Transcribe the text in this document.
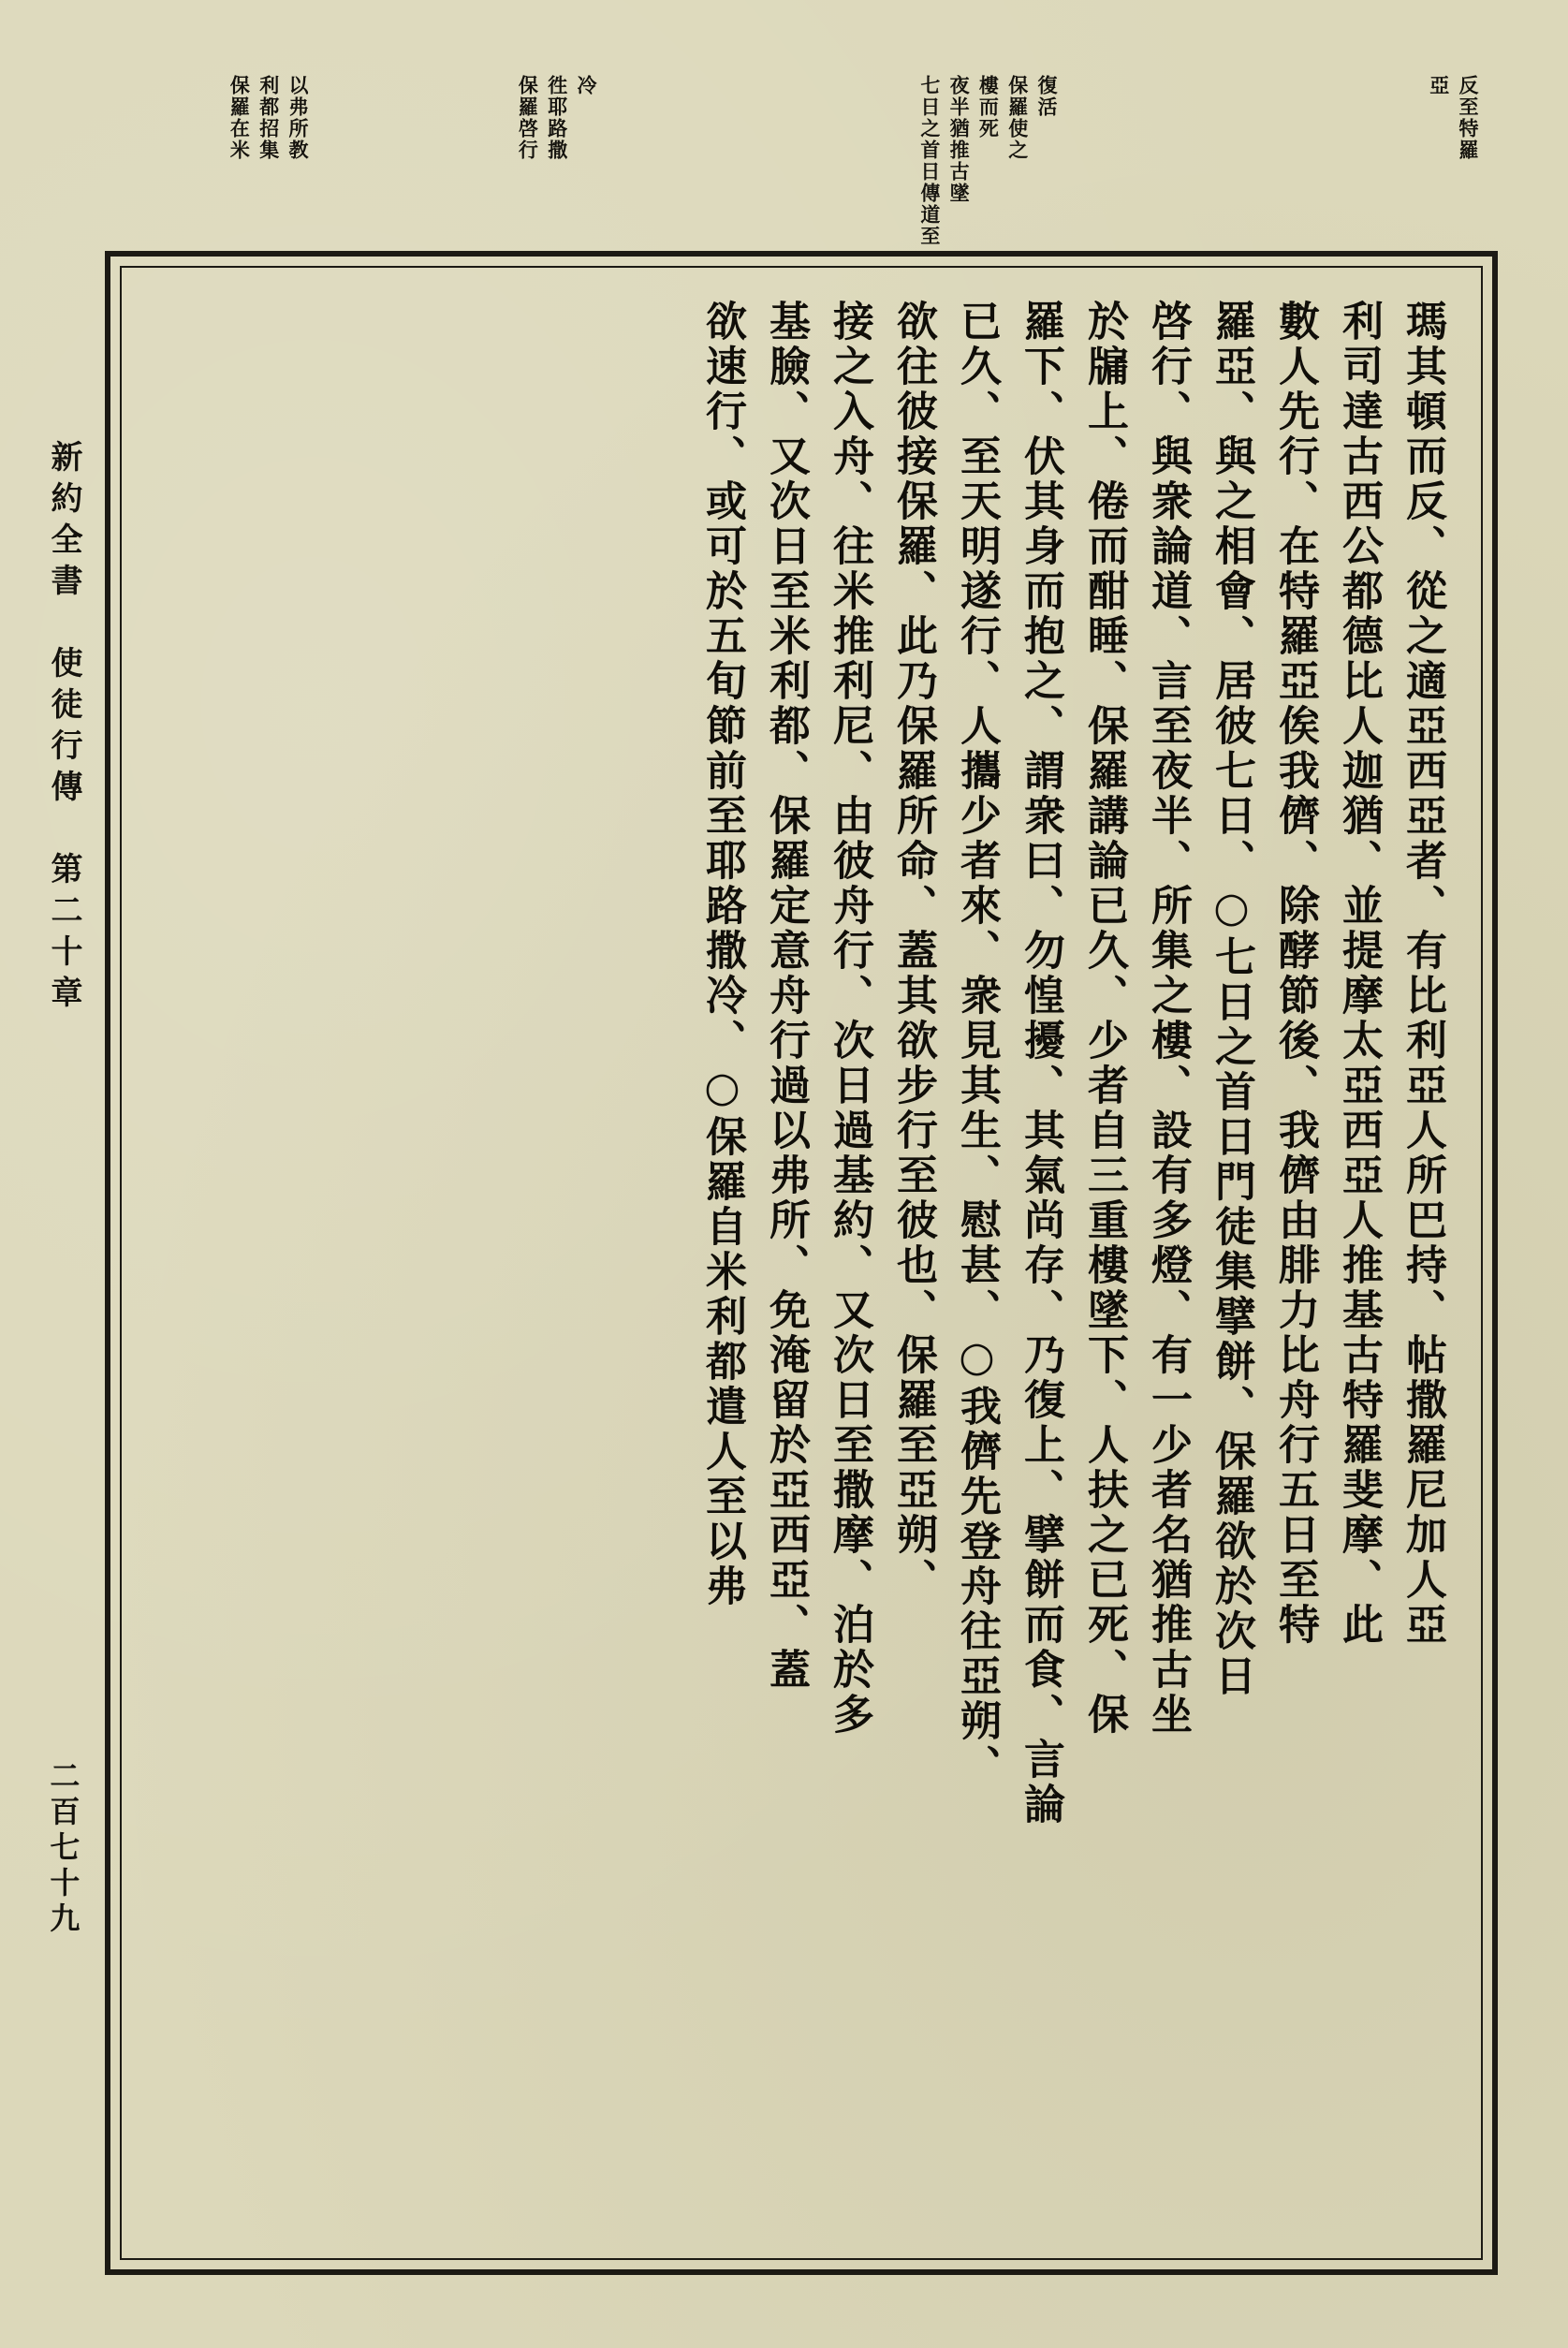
反至特羅
亞
復活
保羅使之
樓而死
夜半猶推古墜
七日之首日傳道至
冷
徃耶路撒
保羅啓行
以弗所教
利都招集
保羅在米
新約全書　使徒行傳　第二十章
二百七十九
瑪其頓而反、從之適亞西亞者、有比利亞人所巴持、帖撒羅尼加人亞
利司達古西公都德比人迦猶、並提摩太亞西亞人推基古特羅斐摩、此
數人先行、在特羅亞俟我儕、除酵節後、我儕由腓力比舟行五日至特
羅亞、與之相會、居彼七日、○七日之首日門徒集擘餅、保羅欲於次日
啓行、與衆論道、言至夜半、所集之樓、設有多燈、有一少者名猶推古坐
於牖上、倦而酣睡、保羅講論已久、少者自三重樓墜下、人扶之已死、保
羅下、伏其身而抱之、謂衆曰、勿惶擾、其氣尚存、乃復上、擘餅而食、言論
已久、至天明遂行、人攜少者來、衆見其生、慰甚、○我儕先登舟往亞朔、
欲往彼接保羅、此乃保羅所命、蓋其欲步行至彼也、保羅至亞朔、
接之入舟、往米推利尼、由彼舟行、次日過基約、又次日至撒摩、泊於多
基臉、又次日至米利都、保羅定意舟行過以弗所、免淹留於亞西亞、蓋
欲速行、或可於五旬節前至耶路撒冷、○保羅自米利都遣人至以弗
